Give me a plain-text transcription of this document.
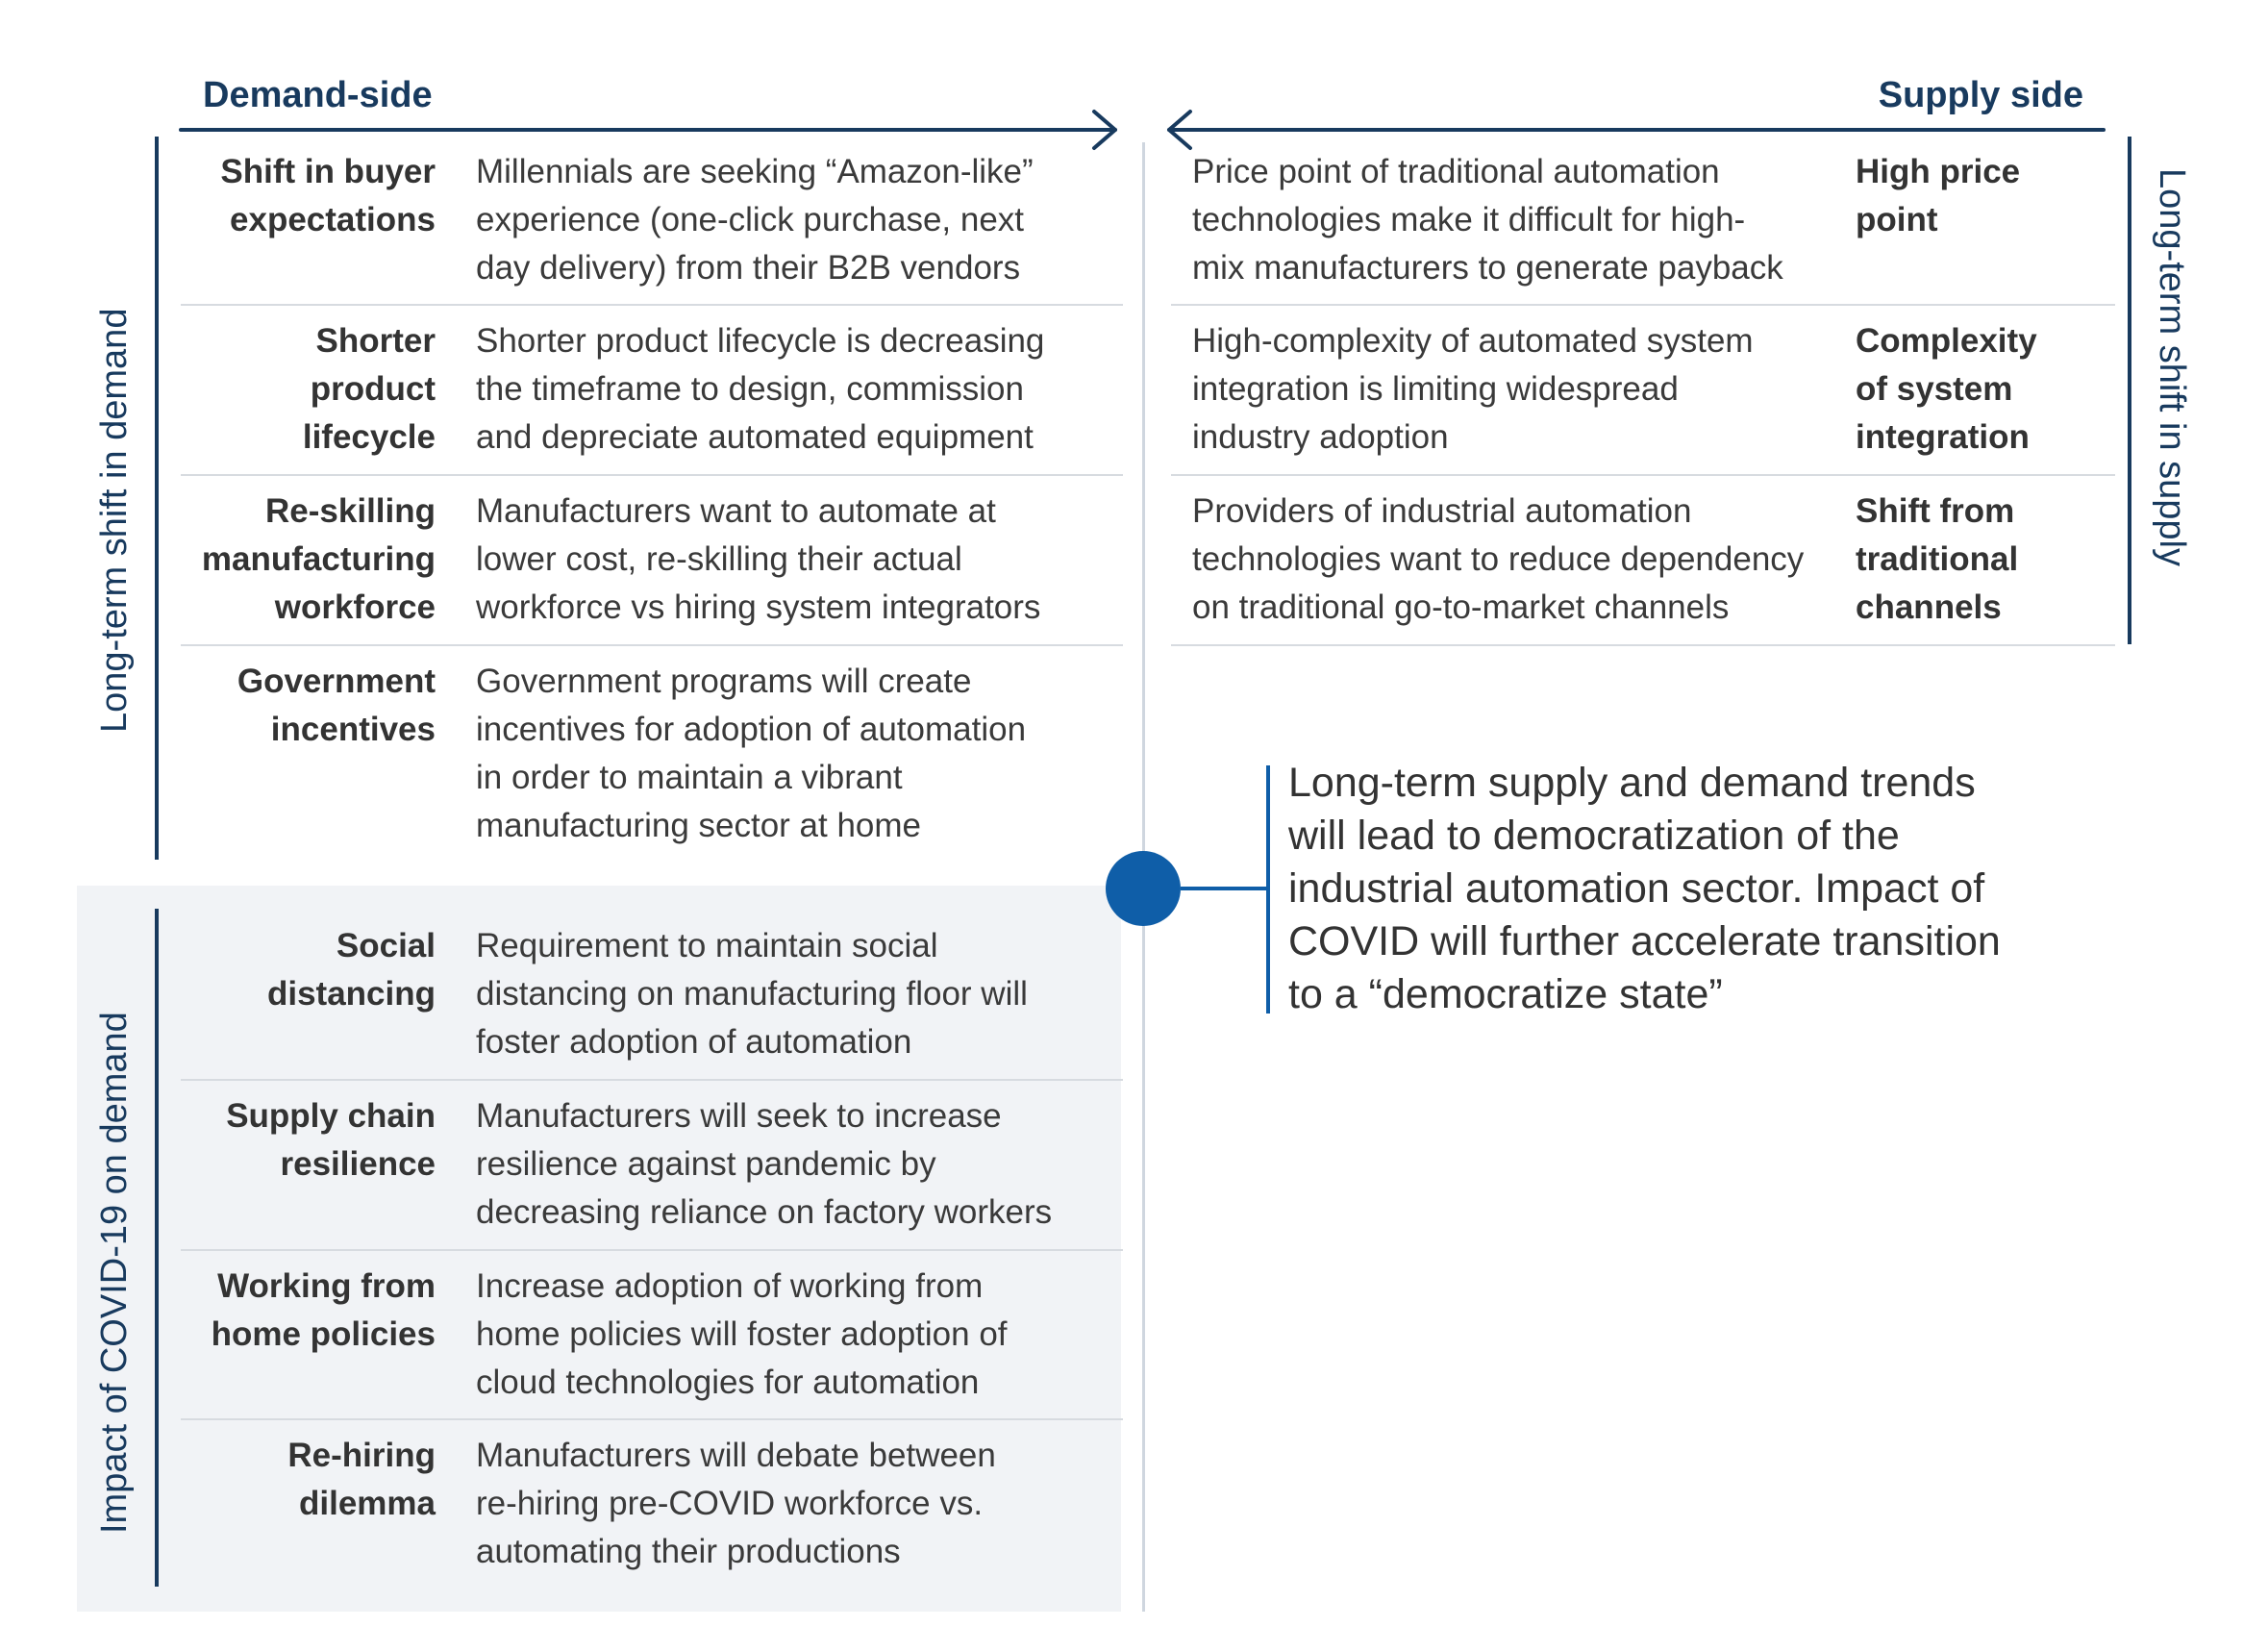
Demand-side	Supply side
Long-term shift in demand
Impact of COVID-19 on demand
Long-term shift in supply
Shift in buyer
expectations
Millennials are seeking “Amazon-like”
experience (one-click purchase, next
day delivery) from their B2B vendors
Shorter
product
lifecycle
Shorter product lifecycle is decreasing
the timeframe to design, commission
and depreciate automated equipment
Re-skilling
manufacturing
workforce
Manufacturers want to automate at
lower cost, re-skilling their actual
workforce vs hiring system integrators
Government
incentives
Government programs will create
incentives for adoption of automation
in order to maintain a vibrant
manufacturing sector at home
Social
distancing
Requirement to maintain social
distancing on manufacturing floor will
foster adoption of automation
Supply chain
resilience
Manufacturers will seek to increase
resilience against pandemic by
decreasing reliance on factory workers
Working from
home policies
Increase adoption of working from
home policies will foster adoption of
cloud technologies for automation
Re-hiring
dilemma
Manufacturers will debate between
re-hiring pre-COVID workforce vs.
automating their productions
Price point of traditional automation
technologies make it difficult for high-
mix manufacturers to generate payback
High price
point
High-complexity of automated system
integration is limiting widespread
industry adoption
Complexity
of system
integration
Providers of industrial automation
technologies want to reduce dependency
on traditional go-to-market channels
Shift from
traditional
channels
Long-term supply and demand trends
will lead to democratization of the
industrial automation sector. Impact of
COVID will further accelerate transition
to a “democratize state”
